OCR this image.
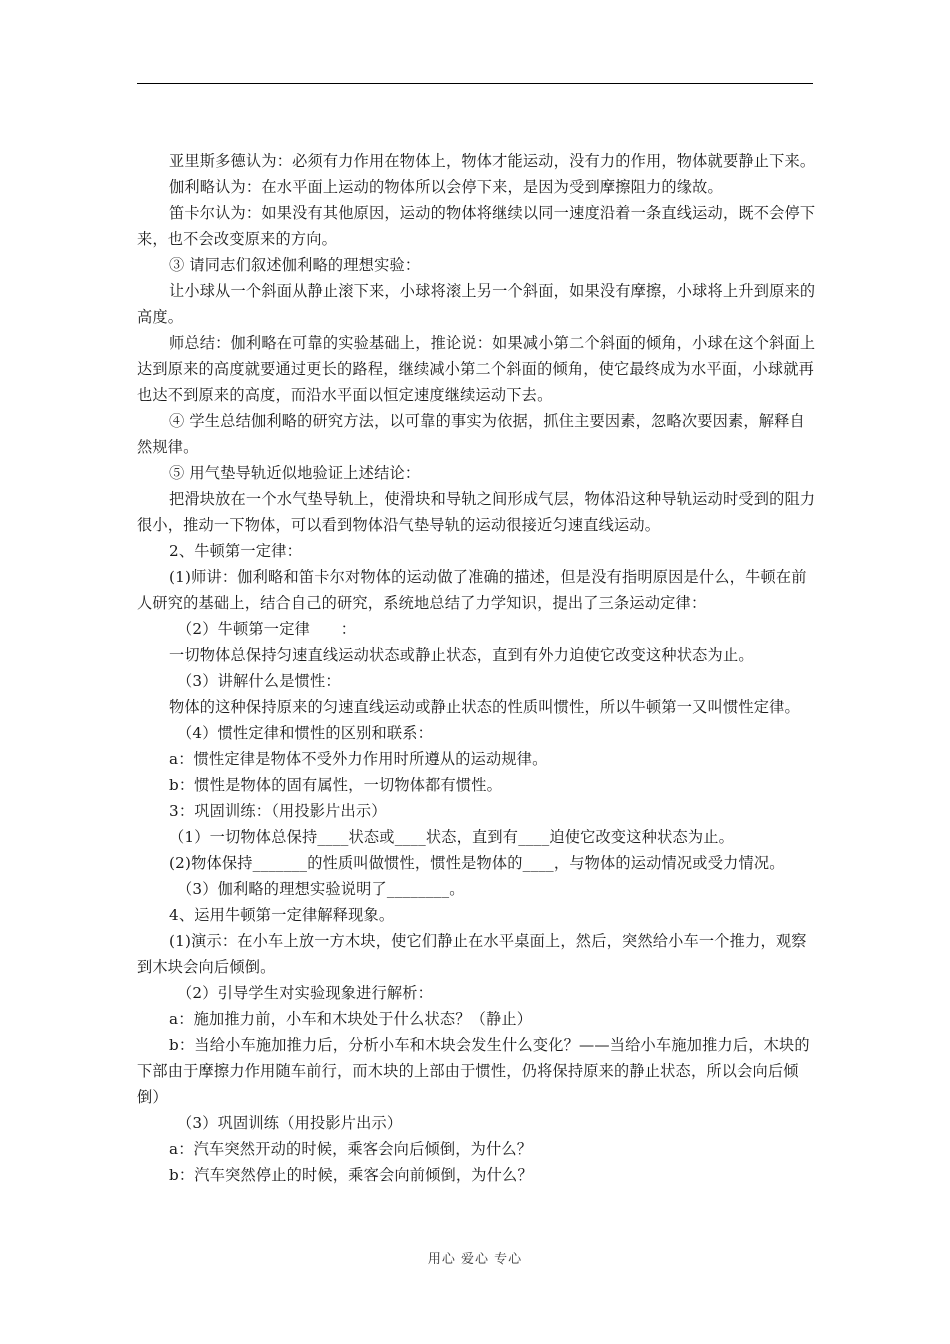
亚里斯多德认为：必须有力作用在物体上，物体才能运动，没有力的作用，物体就要静止下来。

伽利略认为：在水平面上运动的物体所以会停下来，是因为受到摩擦阻力的缘故。

笛卡尔认为：如果没有其他原因，运动的物体将继续以同一速度沿着一条直线运动，既不会停下来，也不会改变原来的方向。

③ 请同志们叙述伽利略的理想实验：

让小球从一个斜面从静止滚下来，小球将滚上另一个斜面，如果没有摩擦，小球将上升到原来的高度。

师总结：伽利略在可靠的实验基础上，推论说：如果减小第二个斜面的倾角，小球在这个斜面上达到原来的高度就要通过更长的路程，继续减小第二个斜面的倾角，使它最终成为水平面，小球就再也达不到原来的高度，而沿水平面以恒定速度继续运动下去。

④ 学生总结伽利略的研究方法，以可靠的事实为依据，抓住主要因素，忽略次要因素，解释自然规律。

⑤ 用气垫导轨近似地验证上述结论：

把滑块放在一个水气垫导轨上，使滑块和导轨之间形成气层，物体沿这种导轨运动时受到的阻力很小，推动一下物体，可以看到物体沿气垫导轨的运动很接近匀速直线运动。

2、牛顿第一定律：

(1)师讲：伽利略和笛卡尔对物体的运动做了准确的描述，但是没有指明原因是什么，牛顿在前人研究的基础上，结合自己的研究，系统地总结了力学知识，提出了三条运动定律：

（2）牛顿第一定律　　：

一切物体总保持匀速直线运动状态或静止状态，直到有外力迫使它改变这种状态为止。

（3）讲解什么是惯性：

物体的这种保持原来的匀速直线运动或静止状态的性质叫惯性，所以牛顿第一又叫惯性定律。

（4）惯性定律和惯性的区别和联系：

a：惯性定律是物体不受外力作用时所遵从的运动规律。

b：惯性是物体的固有属性，一切物体都有惯性。

3：巩固训练：（用投影片出示）

（1）一切物体总保持____状态或____状态，直到有____迫使它改变这种状态为止。

(2)物体保持_______的性质叫做惯性，惯性是物体的____，与物体的运动情况或受力情况。

（3）伽利略的理想实验说明了________。

4、运用牛顿第一定律解释现象。

(1)演示：在小车上放一方木块，使它们静止在水平桌面上，然后，突然给小车一个推力，观察到木块会向后倾倒。

（2）引导学生对实验现象进行解析：

a：施加推力前，小车和木块处于什么状态？（静止）

b：当给小车施加推力后，分析小车和木块会发生什么变化？——当给小车施加推力后，木块的下部由于摩擦力作用随车前行，而木块的上部由于惯性，仍将保持原来的静止状态，所以会向后倾倒）

（3）巩固训练（用投影片出示）

a：汽车突然开动的时候，乘客会向后倾倒，为什么？

b：汽车突然停止的时候，乘客会向前倾倒，为什么？

用心 爱心 专心
